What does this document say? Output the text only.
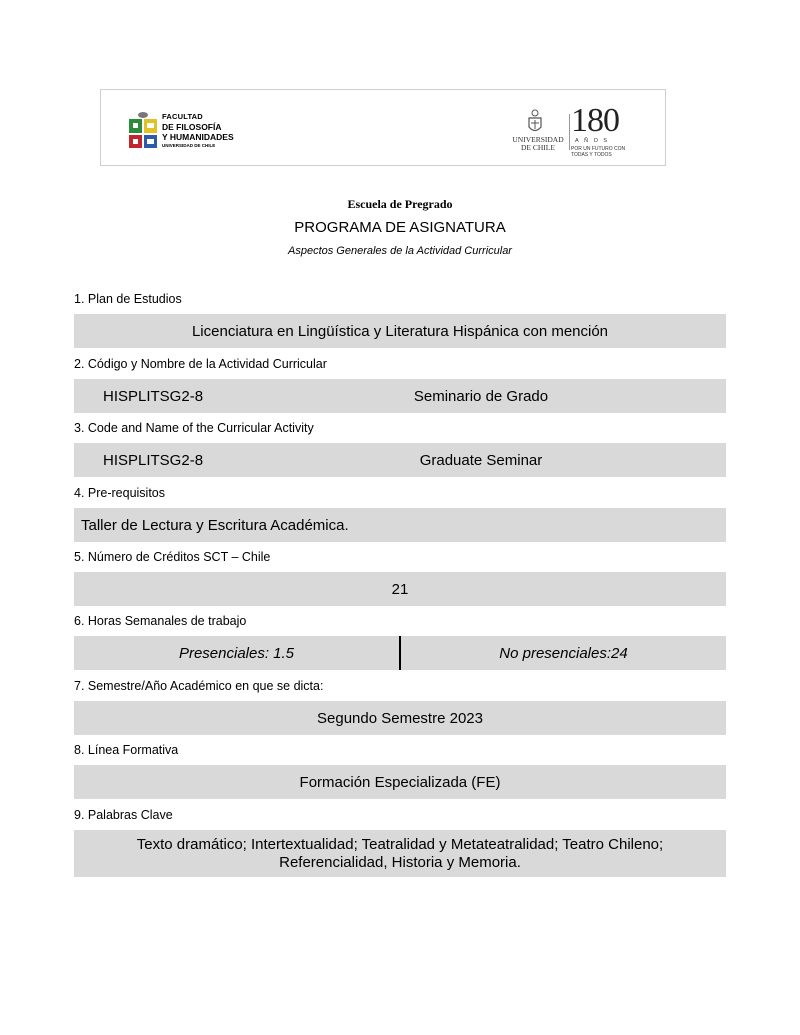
FACULTAD
DE FILOSOFÍA
Y HUMANIDADES
UNIVERSIDAD DE CHILE
UNIVERSIDAD
DE CHILE
180
AÑOS
POR UN FUTURO CON
TODAS Y TODOS
Escuela de Pregrado
PROGRAMA DE ASIGNATURA
Aspectos Generales de la Actividad Curricular
1. Plan de Estudios
Licenciatura en Lingüística y Literatura Hispánica con mención
2. Código y Nombre de la Actividad Curricular
HISPLITSG2-8	Seminario de Grado
3. Code and Name of the Curricular Activity
HISPLITSG2-8	Graduate Seminar
4. Pre-requisitos
Taller de Lectura y Escritura Académica.
5. Número de Créditos SCT – Chile
21
6. Horas Semanales de trabajo
Presenciales: 1.5	No presenciales:24
7. Semestre/Año Académico en que se dicta:
Segundo Semestre 2023
8. Línea Formativa
Formación Especializada (FE)
9. Palabras Clave
Texto dramático; Intertextualidad; Teatralidad y Metateatralidad; Teatro Chileno;
Referencialidad, Historia y Memoria.
